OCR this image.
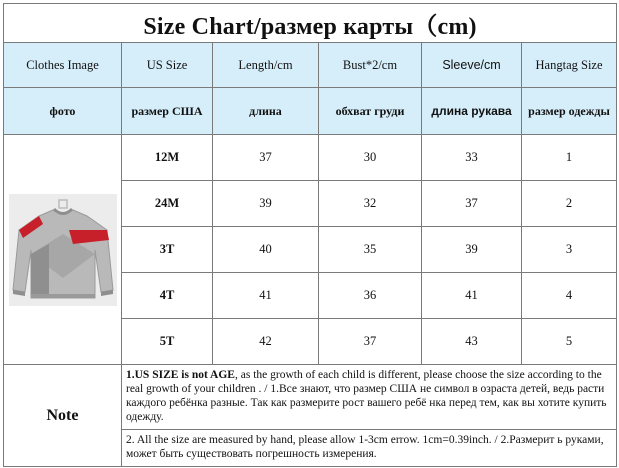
Size Chart/размер карты（cm)					
Clothes Image	US Size	Length/cm	Bust*2/cm	Sleeve/cm	Hangtag Size
фото	размер США	длина	обхват груди	длина рукава	размер одежды

	12M	37	30	33	1
	24M	39	32	37	2
	3T	40	35	39	3
	4T	41	36	41	4
	5T	42	37	43	5
Note	1.US SIZE is not AGE, as the growth of each child is different, please choose the size according to the real growth of your children . / 1.Все знают, что размер США не символ в озраста детей, ведь расти каждого ребёнка разные. Так как размерите рост вашего ребё нка перед тем, как вы хотите купить одежду.				
	2. All the size are measured by hand, please allow 1-3cm errow. 1cm=0.39inch. / 2.Размерит ь руками, может быть существовать погрешность измерения.				
